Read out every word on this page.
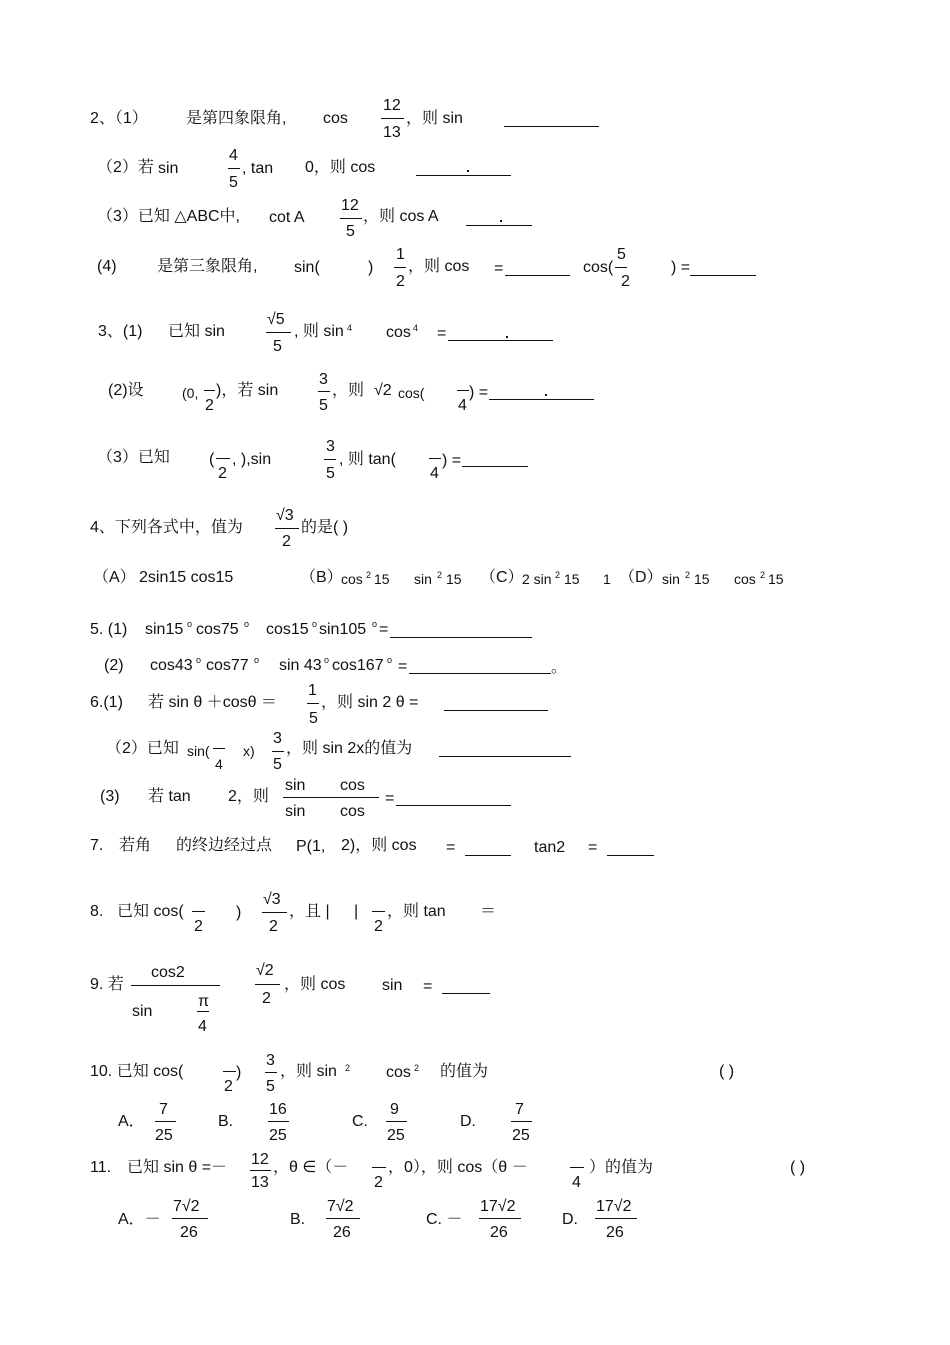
2、（1） 是第四象限角, cos
12
13
，则 sin
（2）若 sin
4
5
, tan 0，则 cos
（3）已知 △ABC中, cot A
12
5
，则 cos A
(4)	是第三象限角, sin(	)
1
2
，则 cos =	cos(
5
2
) =
3、(1) 已知 sin
√5
5
, 则 sin 4 cos 4 =
(2)设	(0,
2
)，若 sin
3
5
，则 √2 cos(
4
) =
（3）已知 (
2
, ),sin
3
5
, 则 tan(
4
) =
4、下列各式中，值为
√3
2
的是( )
（A） 2sin15 cos15	（B）
cos 2 15 sin 2 15 （C）
2 sin 2 15 1 （D） sin 2 15 cos 2 15
5. (1) sin15 o cos75 o cos15 o sin105 o =
(2) cos43 o cos77 o sin 43 o cos167 o =	。
6.(1) 若 sin θ ＋cosθ ＝
1
5
，则 sin 2 θ =
（2）已知 sin(
4
x)
3
5
，则 sin 2x的值为
(3) 若 tan 2，则
sin cos
sin cos
=
7. 若角 的终边经过点 P(1, 2)，则 cos =	tan2 =
8. 已知 cos(
2
)
√3
2
，且 | |
2
，则 tan ＝
9. 若
cos2
sin
π
4
√2
2
，则 cos sin =
10. 已知 cos(
2
)
3
5
，则 sin 2 cos 2 的值为	( )
A．
7
25
B.
16
25
C.
9
25
D.
7
25
11. 已知 sin θ =－ 12
13
，θ ∈（－
2
，0），则 cos（θ －
4
）的值为	( )
A．－
7√2
26
B.
7√2
26
C. －
17√2
26
D.
17√2
26
